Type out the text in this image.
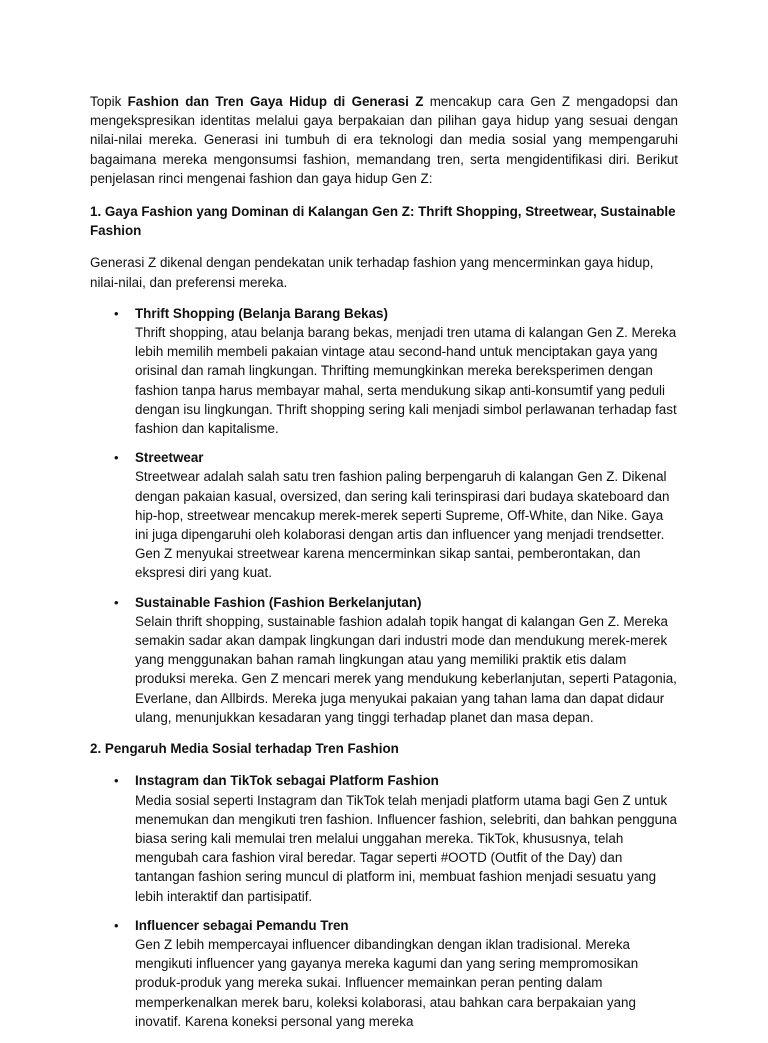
Topik Fashion dan Tren Gaya Hidup di Generasi Z mencakup cara Gen Z mengadopsi dan mengekspresikan identitas melalui gaya berpakaian dan pilihan gaya hidup yang sesuai dengan nilai-nilai mereka. Generasi ini tumbuh di era teknologi dan media sosial yang mempengaruhi bagaimana mereka mengonsumsi fashion, memandang tren, serta mengidentifikasi diri. Berikut penjelasan rinci mengenai fashion dan gaya hidup Gen Z:

1. Gaya Fashion yang Dominan di Kalangan Gen Z: Thrift Shopping, Streetwear, Sustainable Fashion

Generasi Z dikenal dengan pendekatan unik terhadap fashion yang mencerminkan gaya hidup, nilai-nilai, dan preferensi mereka.

• Thrift Shopping (Belanja Barang Bekas)
Thrift shopping, atau belanja barang bekas, menjadi tren utama di kalangan Gen Z. Mereka lebih memilih membeli pakaian vintage atau second-hand untuk menciptakan gaya yang orisinal dan ramah lingkungan. Thrifting memungkinkan mereka bereksperimen dengan fashion tanpa harus membayar mahal, serta mendukung sikap anti-konsumtif yang peduli dengan isu lingkungan. Thrift shopping sering kali menjadi simbol perlawanan terhadap fast fashion dan kapitalisme.
• Streetwear
Streetwear adalah salah satu tren fashion paling berpengaruh di kalangan Gen Z. Dikenal dengan pakaian kasual, oversized, dan sering kali terinspirasi dari budaya skateboard dan hip-hop, streetwear mencakup merek-merek seperti Supreme, Off-White, dan Nike. Gaya ini juga dipengaruhi oleh kolaborasi dengan artis dan influencer yang menjadi trendsetter. Gen Z menyukai streetwear karena mencerminkan sikap santai, pemberontakan, dan ekspresi diri yang kuat.
• Sustainable Fashion (Fashion Berkelanjutan)
Selain thrift shopping, sustainable fashion adalah topik hangat di kalangan Gen Z. Mereka semakin sadar akan dampak lingkungan dari industri mode dan mendukung merek-merek yang menggunakan bahan ramah lingkungan atau yang memiliki praktik etis dalam produksi mereka. Gen Z mencari merek yang mendukung keberlanjutan, seperti Patagonia, Everlane, dan Allbirds. Mereka juga menyukai pakaian yang tahan lama dan dapat didaur ulang, menunjukkan kesadaran yang tinggi terhadap planet dan masa depan.

2. Pengaruh Media Sosial terhadap Tren Fashion

• Instagram dan TikTok sebagai Platform Fashion
Media sosial seperti Instagram dan TikTok telah menjadi platform utama bagi Gen Z untuk menemukan dan mengikuti tren fashion. Influencer fashion, selebriti, dan bahkan pengguna biasa sering kali memulai tren melalui unggahan mereka. TikTok, khususnya, telah mengubah cara fashion viral beredar. Tagar seperti #OOTD (Outfit of the Day) dan tantangan fashion sering muncul di platform ini, membuat fashion menjadi sesuatu yang lebih interaktif dan partisipatif.
• Influencer sebagai Pemandu Tren
Gen Z lebih mempercayai influencer dibandingkan dengan iklan tradisional. Mereka mengikuti influencer yang gayanya mereka kagumi dan yang sering mempromosikan produk-produk yang mereka sukai. Influencer memainkan peran penting dalam memperkenalkan merek baru, koleksi kolaborasi, atau bahkan cara berpakaian yang inovatif. Karena koneksi personal yang mereka
